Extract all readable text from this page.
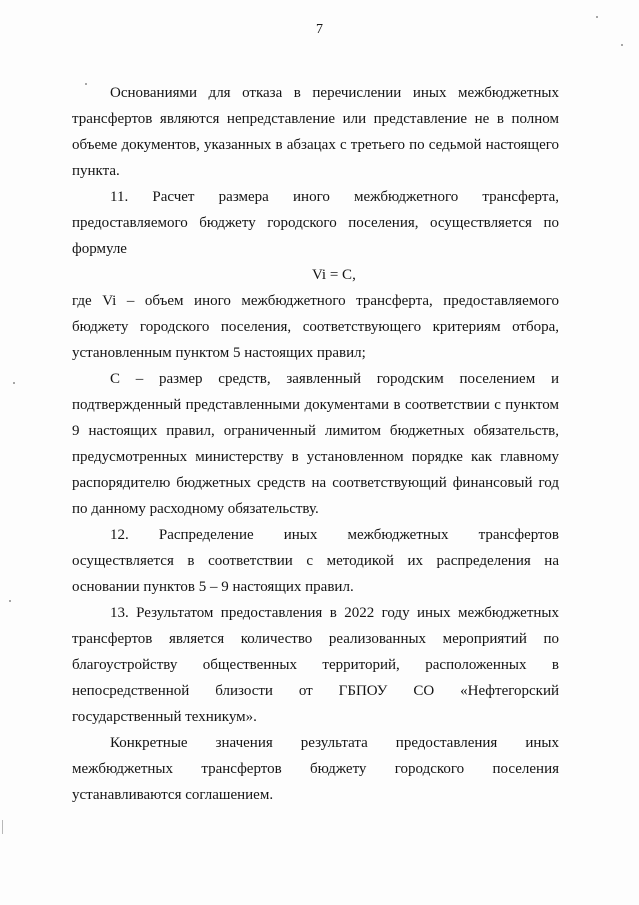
7

Основаниями для отказа в перечислении иных межбюджетных трансфертов являются непредставление или представление не в полном объеме документов, указанных в абзацах с третьего по седьмой настоящего пункта.

11. Расчет размера иного межбюджетного трансферта, предоставляемого бюджету городского поселения, осуществляется по формуле

Vi = C,

где Vi – объем иного межбюджетного трансферта, предоставляемого бюджету городского поселения, соответствующего критериям отбора, установленным пунктом 5 настоящих правил;

С – размер средств, заявленный городским поселением и подтвержденный представленными документами в соответствии с пунктом 9 настоящих правил, ограниченный лимитом бюджетных обязательств, предусмотренных министерству в установленном порядке как главному распорядителю бюджетных средств на соответствующий финансовый год по данному расходному обязательству.

12. Распределение иных межбюджетных трансфертов осуществляется в соответствии с методикой их распределения на основании пунктов 5 – 9 настоящих правил.

13. Результатом предоставления в 2022 году иных межбюджетных трансфертов является количество реализованных мероприятий по благоустройству общественных территорий, расположенных в непосредственной близости от ГБПОУ СО «Нефтегорский государственный техникум».

Конкретные значения результата предоставления иных межбюджетных трансфертов бюджету городского поселения устанавливаются соглашением.
